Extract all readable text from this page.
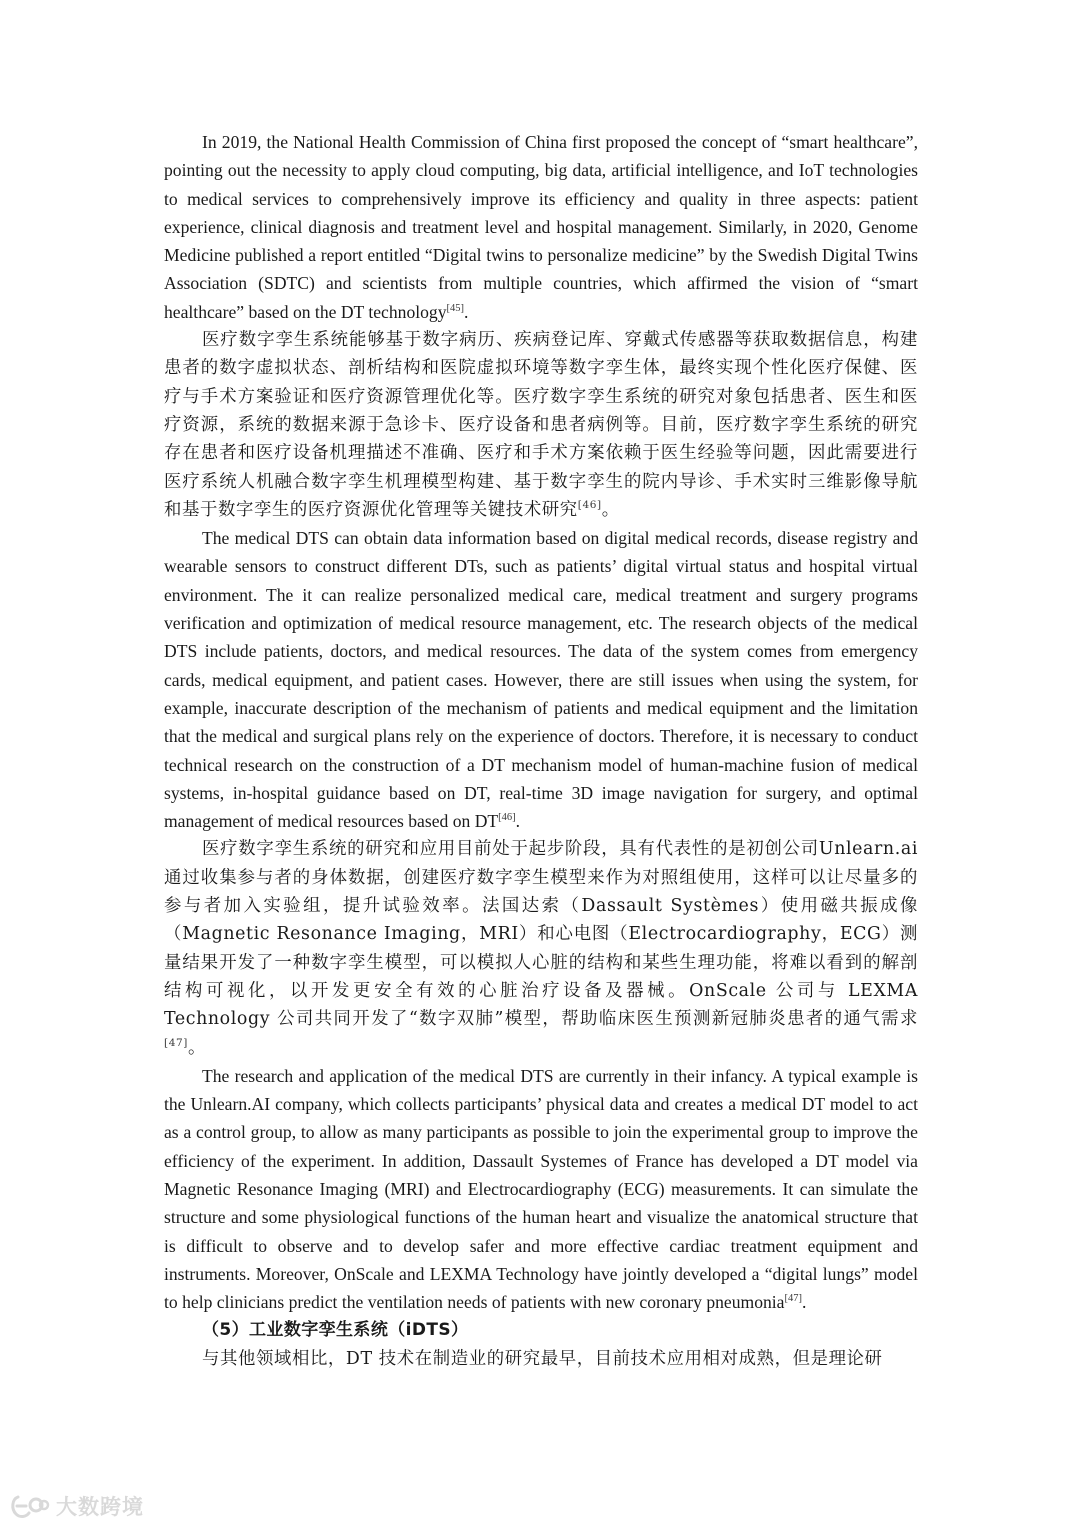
In 2019, the National Health Commission of China first proposed the concept of “smart healthcare”, pointing out the necessity to apply cloud computing, big data, artificial intelligence, and IoT technologies to medical services to comprehensively improve its efficiency and quality in three aspects: patient experience, clinical diagnosis and treatment level and hospital management. Similarly, in 2020, Genome Medicine published a report entitled “Digital twins to personalize medicine” by the Swedish Digital Twins Association (SDTC) and scientists from multiple countries, which affirmed the vision of “smart healthcare” based on the DT technology[45].

医疗数字孪生系统能够基于数字病历、疾病登记库、穿戴式传感器等获取数据信息，构建患者的数字虚拟状态、剖析结构和医院虚拟环境等数字孪生体，最终实现个性化医疗保健、医疗与手术方案验证和医疗资源管理优化等。医疗数字孪生系统的研究对象包括患者、医生和医疗资源，系统的数据来源于急诊卡、医疗设备和患者病例等。目前，医疗数字孪生系统的研究存在患者和医疗设备机理描述不准确、医疗和手术方案依赖于医生经验等问题，因此需要进行医疗系统人机融合数字孪生机理模型构建、基于数字孪生的院内导诊、手术实时三维影像导航和基于数字孪生的医疗资源优化管理等关键技术研究[46]。

The medical DTS can obtain data information based on digital medical records, disease registry and wearable sensors to construct different DTs, such as patients’ digital virtual status and hospital virtual environment. The it can realize personalized medical care, medical treatment and surgery programs verification and optimization of medical resource management, etc. The research objects of the medical DTS include patients, doctors, and medical resources. The data of the system comes from emergency cards, medical equipment, and patient cases. However, there are still issues when using the system, for example, inaccurate description of the mechanism of patients and medical equipment and the limitation that the medical and surgical plans rely on the experience of doctors. Therefore, it is necessary to conduct technical research on the construction of a DT mechanism model of human-machine fusion of medical systems, in-hospital guidance based on DT, real-time 3D image navigation for surgery, and optimal management of medical resources based on DT[46].

医疗数字孪生系统的研究和应用目前处于起步阶段，具有代表性的是初创公司Unlearn.ai 通过收集参与者的身体数据，创建医疗数字孪生模型来作为对照组使用，这样可以让尽量多的参与者加入实验组，提升试验效率。法国达索（Dassault Systèmes）使用磁共振成像（Magnetic Resonance Imaging，MRI）和心电图（Electrocardiography，ECG）测量结果开发了一种数字孪生模型，可以模拟人心脏的结构和某些生理功能，将难以看到的解剖结构可视化，以开发更安全有效的心脏治疗设备及器械。OnScale 公司与 LEXMA Technology 公司共同开发了“数字双肺”模型，帮助临床医生预测新冠肺炎患者的通气需求[47]。

The research and application of the medical DTS are currently in their infancy. A typical example is the Unlearn.AI company, which collects participants’ physical data and creates a medical DT model to act as a control group, to allow as many participants as possible to join the experimental group to improve the efficiency of the experiment. In addition, Dassault Systemes of France has developed a DT model via Magnetic Resonance Imaging (MRI) and Electrocardiography (ECG) measurements. It can simulate the structure and some physiological functions of the human heart and visualize the anatomical structure that is difficult to observe and to develop safer and more effective cardiac treatment equipment and instruments. Moreover, OnScale and LEXMA Technology have jointly developed a “digital lungs” model to help clinicians predict the ventilation needs of patients with new coronary pneumonia[47].

（5）工业数字孪生系统（iDTS）

与其他领域相比，DT 技术在制造业的研究最早，目前技术应用相对成熟，但是理论研

大数跨境
